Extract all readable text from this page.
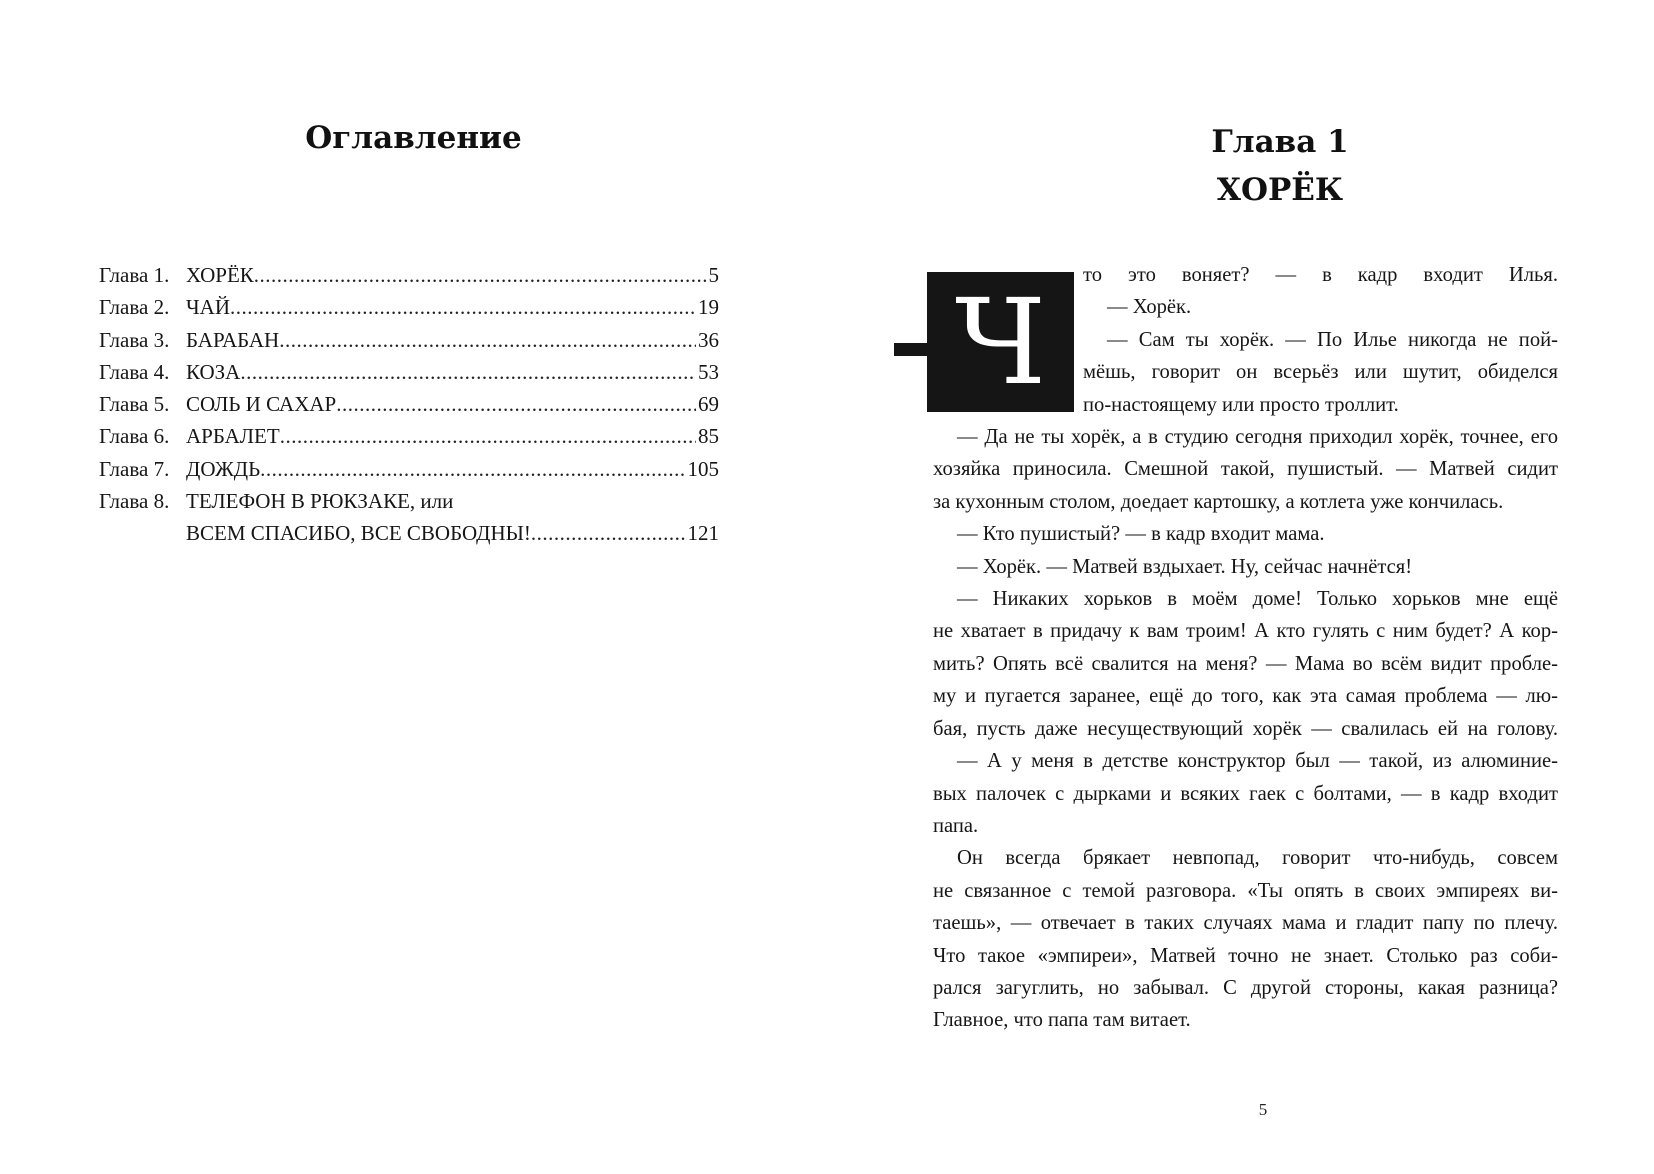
Оглавление
Глава 1. ХОРЁК .....	5
Глава 2. ЧАЙ .....	19
Глава 3. БАРАБАН .....	36
Глава 4. КОЗА .....	53
Глава 5. СОЛЬ И САХАР .....	69
Глава 6. АРБАЛЕТ .....	85
Глава 7. ДОЖДЬ .....	105
Глава 8. ТЕЛЕФОН В РЮКЗАКЕ, или
ВСЕМ СПАСИБО, ВСЕ СВОБОДНЫ! .....	121
Глава 1
ХОРЁК
Ч	то это воняет? — в кадр входит Илья.
— Хорёк.
— Сам ты хорёк. — По Илье никогда не пой-
мёшь, говорит он всерьёз или шутит, обиделся
по-настоящему или просто троллит.
— Да не ты хорёк, а в студию сегодня приходил хорёк, точнее, его
хозяйка приносила. Смешной такой, пушистый. — Матвей сидит
за кухонным столом, доедает картошку, а котлета уже кончилась.
— Кто пушистый? — в кадр входит мама.
— Хорёк. — Матвей вздыхает. Ну, сейчас начнётся!
— Никаких хорьков в моём доме! Только хорьков мне ещё
не хватает в придачу к вам троим! А кто гулять с ним будет? А кор-
мить? Опять всё свалится на меня? — Мама во всём видит пробле-
му и пугается заранее, ещё до того, как эта самая проблема — лю-
бая, пусть даже несуществующий хорёк — свалилась ей на голову.
— А у меня в детстве конструктор был — такой, из алюминие-
вых палочек с дырками и всяких гаек с болтами, — в кадр входит
папа.
Он всегда брякает невпопад, говорит что-нибудь, совсем
не связанное с темой разговора. «Ты опять в своих эмпиреях ви-
таешь», — отвечает в таких случаях мама и гладит папу по плечу.
Что такое «эмпиреи», Матвей точно не знает. Столько раз соби-
рался загуглить, но забывал. С другой стороны, какая разница?
Главное, что папа там витает.
5
